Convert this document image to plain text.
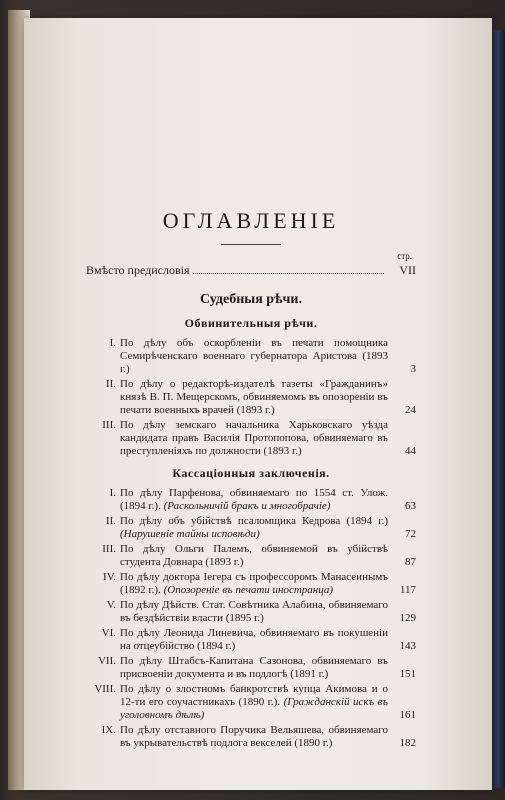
ОГЛАВЛЕНІЕ
стр.
Вмѣсто предисловія	VII
Судебныя рѣчи.
Обвинительныя рѣчи.
I. По дѣлу объ оскорбленіи въ печати помощника Семирѣченскаго военнаго губернатора Аристова (1893 г.)	3
II. По дѣлу о редакторѣ-издателѣ газеты «Гражданинъ» князѣ В. П. Мещерскомъ, обвиняемомъ въ опозореніи въ печати военныхъ врачей (1893 г.)	24
III. По дѣлу земскаго начальника Харьковскаго уѣзда кандидата правъ Василія Протопопова, обвиняемаго въ преступленіяхъ по должности (1893 г.)	44
Кассаціонныя заключенія.
I. По дѣлу Парфенова, обвиняемаго по 1554 ст. Улож. (1894 г.). (Раскольничій бракъ и многобрачіе)	63
II. По дѣлу объ убійствѣ псаломщика Кедрова (1894 г.) (Нарушеніе тайны исповѣди)	72
III. По дѣлу Ольги Палемъ, обвиняемой въ убійствѣ студента Довнара (1893 г.)	87
IV. По дѣлу доктора Іегера съ профессоромъ Манасеинымъ (1892 г.). (Опозореніе въ печати иностранца)	117
V. По дѣлу Дѣйств. Стат. Совѣтника Алабина, обвиняемаго въ бездѣйствіи власти (1895 г.)	129
VI. По дѣлу Леонида Линевича, обвиняемаго въ покушеніи на отцеубійство (1894 г.)	143
VII. По дѣлу Штабсъ-Капитана Сазонова, обвиняемаго въ присвоеніи документа и въ подлогѣ (1891 г.)	151
VIII. По дѣлу о злостномъ банкротствѣ купца Акимова и о 12-ти его соучастникахъ (1890 г.). (Гражданскій искъ въ уголовномъ дѣлѣ)	161
IX. По дѣлу отставного Поручика Вельяшева, обвиняемаго въ укрывательствѣ подлога векселей (1890 г.)	182
